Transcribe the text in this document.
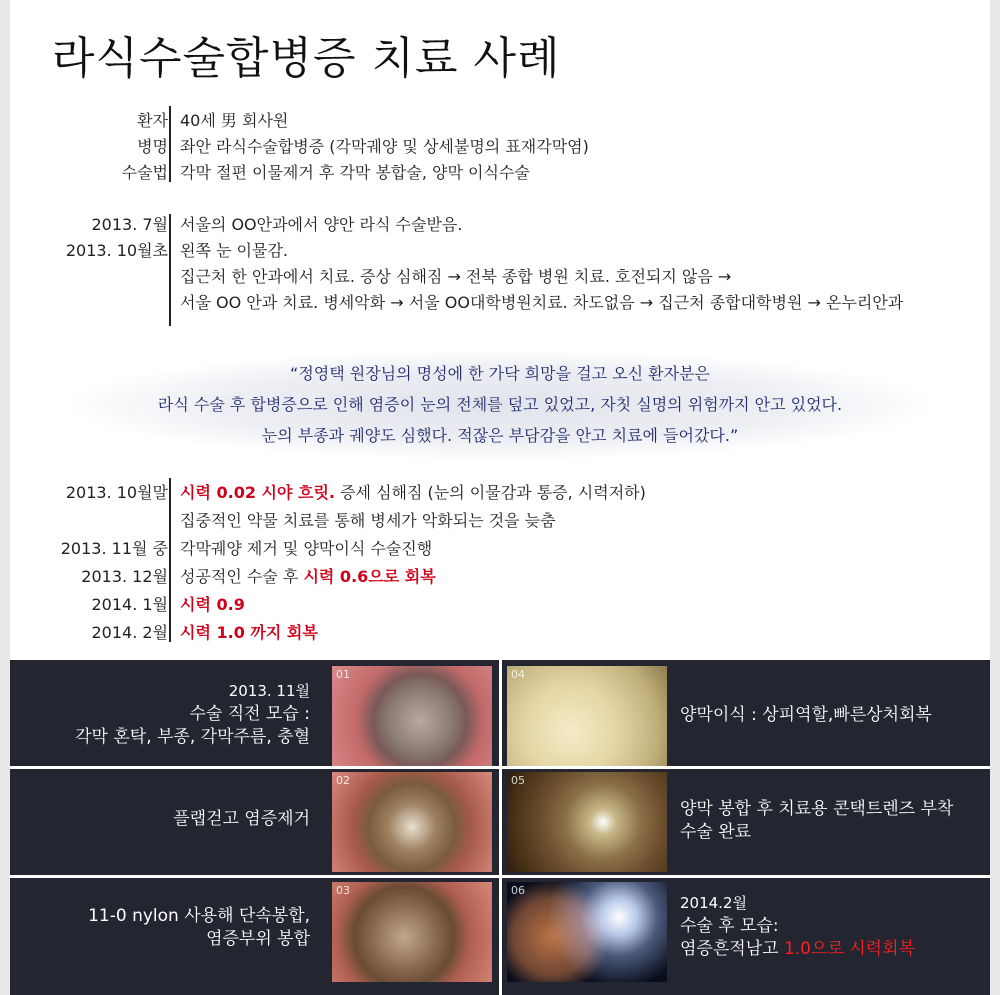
라식수술합병증 치료 사례
환자 40세 男 회사원
병명 좌안 라식수술합병증 (각막궤양 및 상세불명의 표재각막염)
수술법 각막 절편 이물제거 후 각막 봉합술, 양막 이식수술
2013. 7월 서울의 OO안과에서 양안 라식 수술받음.
2013. 10월초 왼쪽 눈 이물감.
집근처 한 안과에서 치료. 증상 심해짐 → 전북 종합 병원 치료. 호전되지 않음 →
서울 OO 안과 치료. 병세악화 → 서울 OO대학병원치료. 차도없음 → 집근처 종합대학병원 → 온누리안과
“정영택 원장님의 명성에 한 가닥 희망을 걸고 오신 환자분은
라식 수술 후 합병증으로 인해 염증이 눈의 전체를 덮고 있었고, 자칫 실명의 위험까지 안고 있었다.
눈의 부종과 궤양도 심했다. 적잖은 부담감을 안고 치료에 들어갔다.”
2013. 10월말 시력 0.02 시야 흐릿. 증세 심해짐 (눈의 이물감과 통증, 시력저하)
집중적인 약물 치료를 통해 병세가 악화되는 것을 늦춤
2013. 11월 중 각막궤양 제거 및 양막이식 수술진행
2013. 12월 성공적인 수술 후 시력 0.6으로 회복
2014. 1월 시력 0.9
2014. 2월 시력 1.0 까지 회복
01
02
03
04
05
06
2013. 11월
수술 직전 모습 :
각막 혼탁, 부종, 각막주름, 충혈
플랩걷고 염증제거
11-0 nylon 사용해 단속봉합,
염증부위 봉합
양막이식 : 상피역할,빠른상처회복
양막 봉합 후 치료용 콘택트렌즈 부착
수술 완료
2014.2월
수술 후 모습:
염증흔적남고 1.0으로 시력회복
